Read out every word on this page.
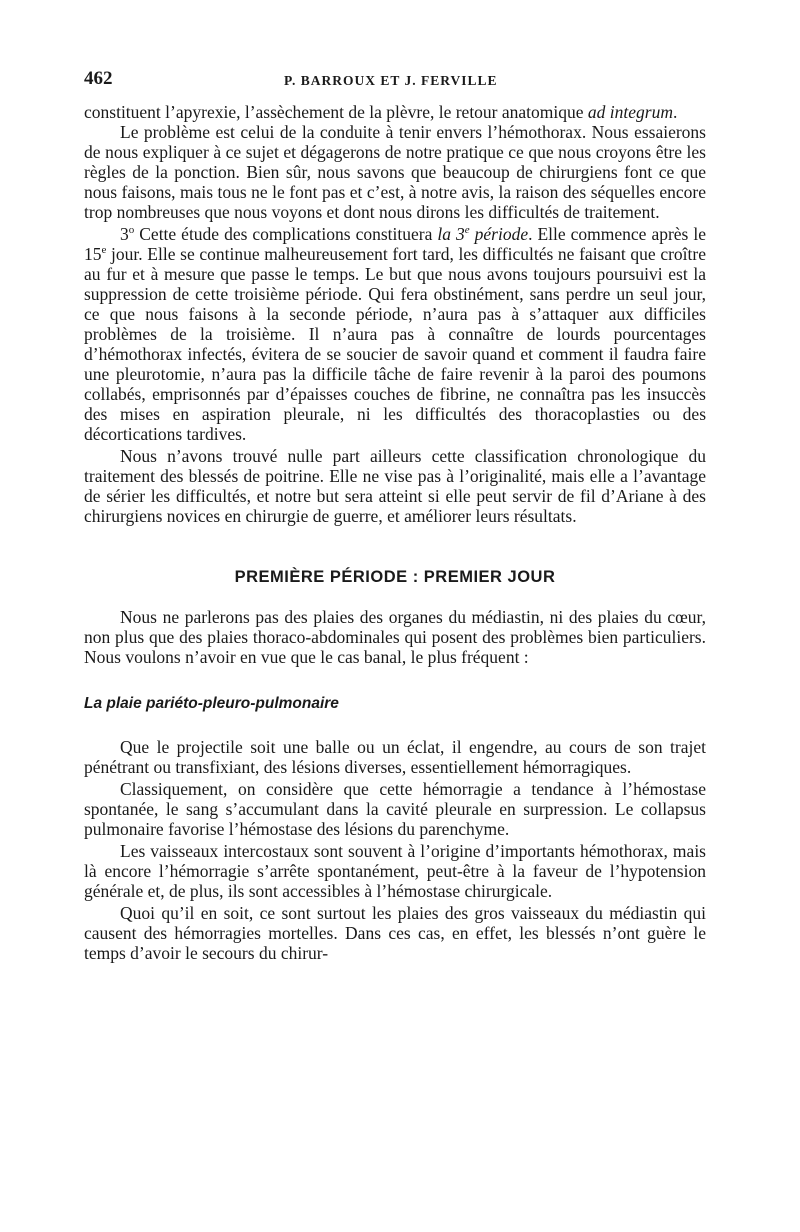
462	P. BARROUX ET J. FERVILLE

constituent l’apyrexie, l’assèchement de la plèvre, le retour anatomique ad integrum.

Le problème est celui de la conduite à tenir envers l’hémothorax. Nous essaierons de nous expliquer à ce sujet et dégagerons de notre pratique ce que nous croyons être les règles de la ponction. Bien sûr, nous savons que beaucoup de chirurgiens font ce que nous faisons, mais tous ne le font pas et c’est, à notre avis, la raison des séquelles encore trop nombreuses que nous voyons et dont nous dirons les difficultés de traitement.

3$^o$ Cette étude des complications constituera la 3e période. Elle commence après le 15e jour. Elle se continue malheureusement fort tard, les difficultés ne faisant que croître au fur et à mesure que passe le temps. Le but que nous avons toujours poursuivi est la suppression de cette troisième période. Qui fera obstinément, sans perdre un seul jour, ce que nous faisons à la seconde période, n’aura pas à s’attaquer aux difficiles problèmes de la troisième. Il n’aura pas à connaître de lourds pourcentages d’hémothorax infectés, évitera de se soucier de savoir quand et comment il faudra faire une pleurotomie, n’aura pas la difficile tâche de faire revenir à la paroi des poumons collabés, emprisonnés par d’épaisses couches de fibrine, ne connaîtra pas les insuccès des mises en aspiration pleurale, ni les difficultés des thoracoplasties ou des décortications tardives.

Nous n’avons trouvé nulle part ailleurs cette classification chronologique du traitement des blessés de poitrine. Elle ne vise pas à l’originalité, mais elle a l’avantage de sérier les difficultés, et notre but sera atteint si elle peut servir de fil d’Ariane à des chirurgiens novices en chirurgie de guerre, et améliorer leurs résultats.

PREMIÈRE PÉRIODE : PREMIER JOUR

Nous ne parlerons pas des plaies des organes du médiastin, ni des plaies du cœur, non plus que des plaies thoraco-abdominales qui posent des problèmes bien particuliers. Nous voulons n’avoir en vue que le cas banal, le plus fréquent :

La plaie pariéto-pleuro-pulmonaire

Que le projectile soit une balle ou un éclat, il engendre, au cours de son trajet pénétrant ou transfixiant, des lésions diverses, essentiellement hémorragiques.

Classiquement, on considère que cette hémorragie a tendance à l’hémostase spontanée, le sang s’accumulant dans la cavité pleurale en surpression. Le collapsus pulmonaire favorise l’hémostase des lésions du parenchyme.

Les vaisseaux intercostaux sont souvent à l’origine d’importants hémothorax, mais là encore l’hémorragie s’arrête spontanément, peut-être à la faveur de l’hypotension générale et, de plus, ils sont accessibles à l’hémostase chirurgicale.

Quoi qu’il en soit, ce sont surtout les plaies des gros vaisseaux du médiastin qui causent des hémorragies mortelles. Dans ces cas, en effet, les blessés n’ont guère le temps d’avoir le secours du chirur-
